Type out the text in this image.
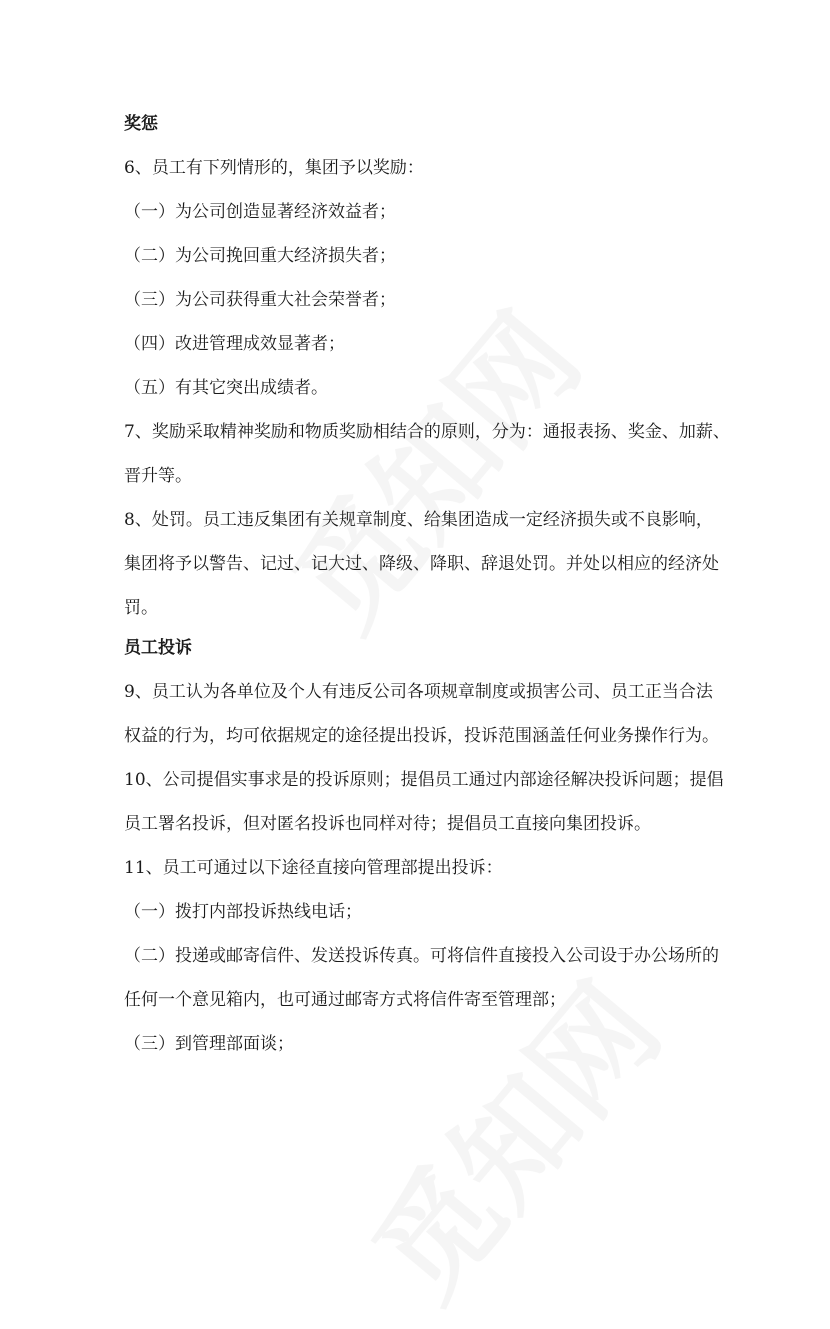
奖惩
6、员工有下列情形的，集团予以奖励：
（一）为公司创造显著经济效益者；
（二）为公司挽回重大经济损失者；
（三）为公司获得重大社会荣誉者；
（四）改进管理成效显著者；
（五）有其它突出成绩者。
7、奖励采取精神奖励和物质奖励相结合的原则，分为：通报表扬、奖金、加薪、
晋升等。
8、处罚。员工违反集团有关规章制度、给集团造成一定经济损失或不良影响，
集团将予以警告、记过、记大过、降级、降职、辞退处罚。并处以相应的经济处
罚。
员工投诉
9、员工认为各单位及个人有违反公司各项规章制度或损害公司、员工正当合法
权益的行为，均可依据规定的途径提出投诉，投诉范围涵盖任何业务操作行为。
10、公司提倡实事求是的投诉原则；提倡员工通过内部途径解决投诉问题；提倡
员工署名投诉，但对匿名投诉也同样对待；提倡员工直接向集团投诉。
11、员工可通过以下途径直接向管理部提出投诉：
（一）拨打内部投诉热线电话；
（二）投递或邮寄信件、发送投诉传真。可将信件直接投入公司设于办公场所的
任何一个意见箱内，也可通过邮寄方式将信件寄至管理部；
（三）到管理部面谈；
